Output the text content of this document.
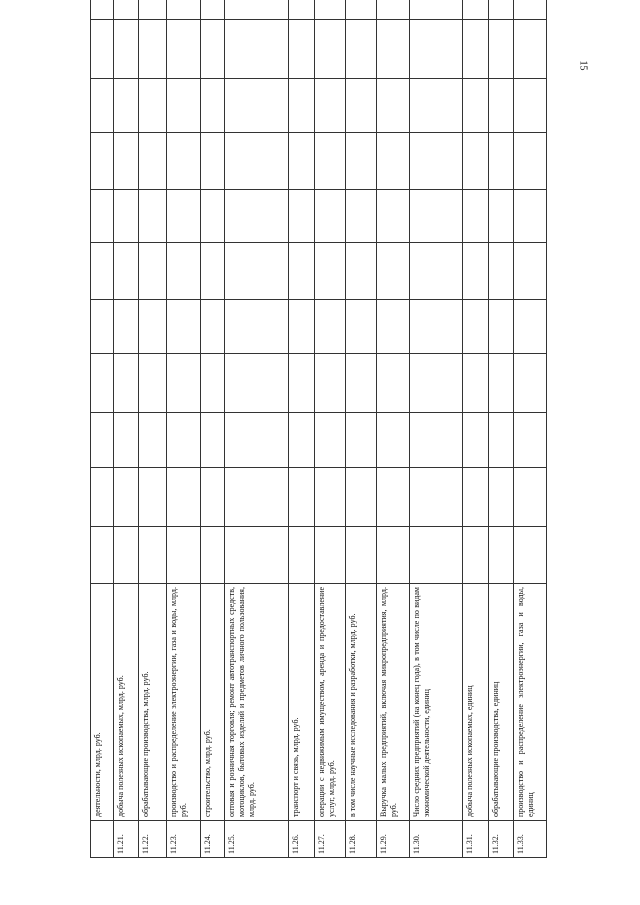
15
	деятельности, млрд. руб.												
11.21.	добыча полезных ископаемых, млрд. руб.												
11.22.	обрабатывающие производства, млрд. руб.												
11.23.	производство и распределение электроэнергии, газа и воды, млрд. руб.												
11.24.	строительство, млрд. руб.												
11.25.	оптовая и розничная торговля; ремонт автотранспортных средств, мотоциклов, бытовых изделий и предметов личного пользования, млрд. руб.												
11.26.	транспорт и связь, млрд. руб.												
11.27.	операции с недвижимым имуществом, аренда и предоставление услуг, млрд. руб.												
11.28.	в том числе научные исследования и разработки, млрд. руб.												
11.29.	Выручка малых предприятий, включая микропредприятия, млрд. руб.												
11.30.	Число средних предприятий (на конец года), в том числе по видам экономической деятельности, единиц												
11.31.	добыча полезных ископаемых, единиц												
11.32.	обрабатывающие производства, единиц												
11.33.	производство и распределение электроэнергии, газа и воды, единиц												
